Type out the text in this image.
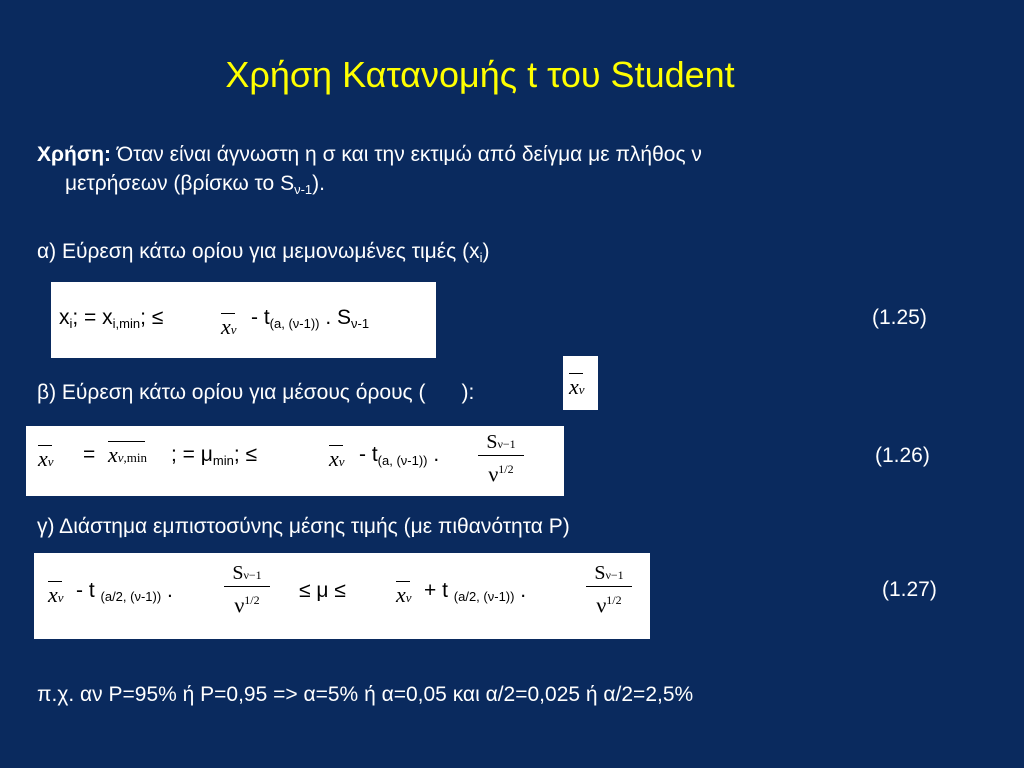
Χρήση Κατανομής t του Student
Χρήση: Όταν είναι άγνωστη η σ και την εκτιμώ από δείγμα με πλήθος ν
μετρήσεων (βρίσκω το $S_{\nu-1}$).
α) Εύρεση κάτω ορίου για μεμονωμένες τιμές $(x_i)$
$x_i$; = $x_{i,min}$; ≤	xν
- $t_{(a, (\nu-1))}$ . $S_{\nu-1}$	(1.25)
β) Εύρεση κάτω ορίου για μέσους όρους ( ):	xν
xν = xν,min ; = $\mu_{min}$; ≤	xν - $t_{(a, (\nu-1))}$ .
Sν−1
$\nu^{1/2}$
(1.26)
γ) Διάστημα εμπιστοσύνης μέσης τιμής (με πιθανότητα P)
xν - t $_{(a/2, (\nu-1))}$ .
Sν−1
$\nu^{1/2}$	≤ μ ≤ xν + t $_{(a/2, (\nu-1))}$ .
Sν−1
$\nu^{1/2}$	(1.27)
π.χ. αν P=95% ή P=0,95 => α=5% ή α=0,05 και α/2=0,025 ή α/2=2,5%
